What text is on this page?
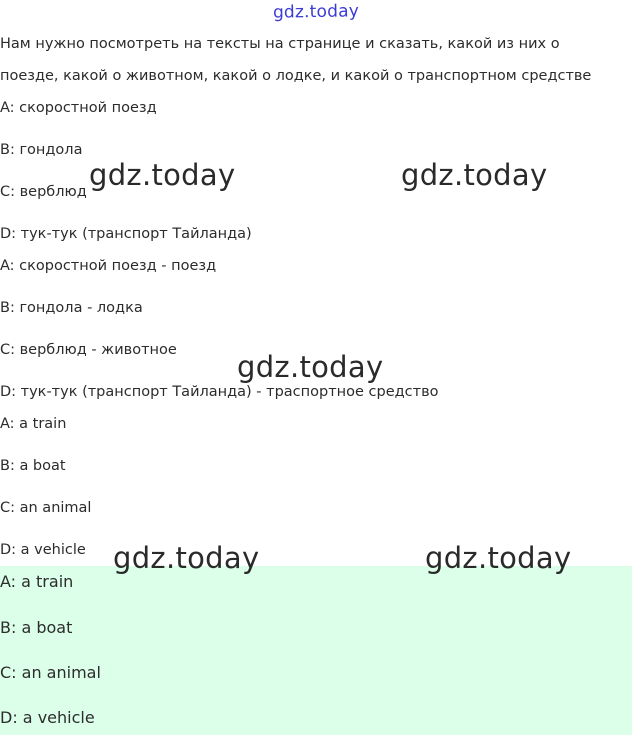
gdz.today
Нам нужно посмотреть на тексты на странице и сказать, какой из них о
поезде, какой о животном, какой о лодке, и какой о транспортном средстве
A: скоростной поезд
B: гондола
C: верблюд
D: тук-тук (транспорт Тайланда)
A: скоростной поезд - поезд
B: гондола - лодка
C: верблюд - животное
D: тук-тук (транспорт Тайланда) - траспортное средство
A: a train
B: a boat
C: an animal
D: a vehicle
A: a train
B: a boat
C: an animal
D: a vehicle
gdz.today	gdz.today
gdz.today
gdz.today	gdz.today
